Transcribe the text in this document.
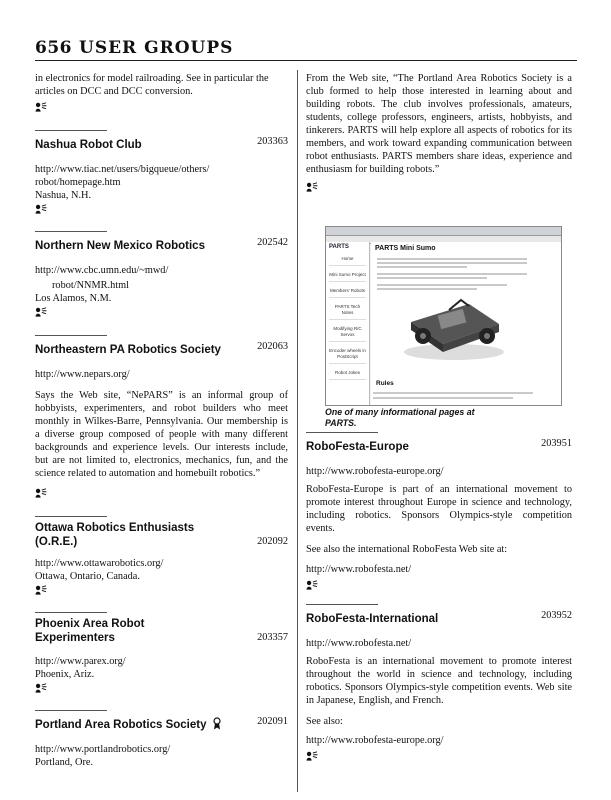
656 USER GROUPS

in electronics for model railroading. See in particular the articles on DCC and DCC conversion.

Nashua Robot Club	203363

http://www.tiac.net/users/bigqueue/others/

robot/homepage.htm

Nashua, N.H.

Northern New Mexico Robotics	202542

http://www.cbc.umn.edu/~mwd/

robot/NNMR.html

Los Alamos, N.M.

Northeastern PA Robotics Society	202063

http://www.nepars.org/

Says the Web site, “NePARS” is an informal group of hobbyists, experimenters, and robot builders who meet monthly in Wilkes-Barre, Pennsylvania. Our membership is a diverse group composed of people with many different backgrounds and experience levels. Our interests include, but are not limited to, electronics, mechanics, fun, and the science related to automation and homebuilt robotics.”

Ottawa Robotics Enthusiasts
(O.R.E.)	202092

http://www.ottawarobotics.org/

Ottawa, Ontario, Canada.

Phoenix Area Robot
Experimenters	203357

http://www.parex.org/

Phoenix, Ariz.

Portland Area Robotics Society	202091

http://www.portlandrobotics.org/

Portland, Ore.

From the Web site, “The Portland Area Robotics Society is a club formed to help those interested in learning about and building robots. The club involves professionals, amateurs, students, college professors, engineers, artists, hobbyists, and tinkerers. PARTS will help explore all aspects of robotics for its members, and work toward expanding communication between robot enthusiasts. PARTS members share ideas, experience and enthusiasm for building robots.”

PARTS
Home
Mini Sumo Project
Members' Robots
PARTS Tech Notes
Modifying R/C Servos
Encoder wheels in PostScript
Robot Jokes
PARTS Mini Sumo
Rules
One of many informational pages at PARTS.
RoboFesta-Europe	203951

http://www.robofesta-europe.org/

RoboFesta-Europe is part of an international movement to promote interest throughout Europe in science and technology, including robotics. Sponsors Olympics-style competition events.

See also the international RoboFesta Web site at:

http://www.robofesta.net/

RoboFesta-International	203952

http://www.robofesta.net/

RoboFesta is an international movement to promote interest throughout the world in science and technology, including robotics. Sponsors Olympics-style competition events. Web site in Japanese, English, and French.

See also:

http://www.robofesta-europe.org/
